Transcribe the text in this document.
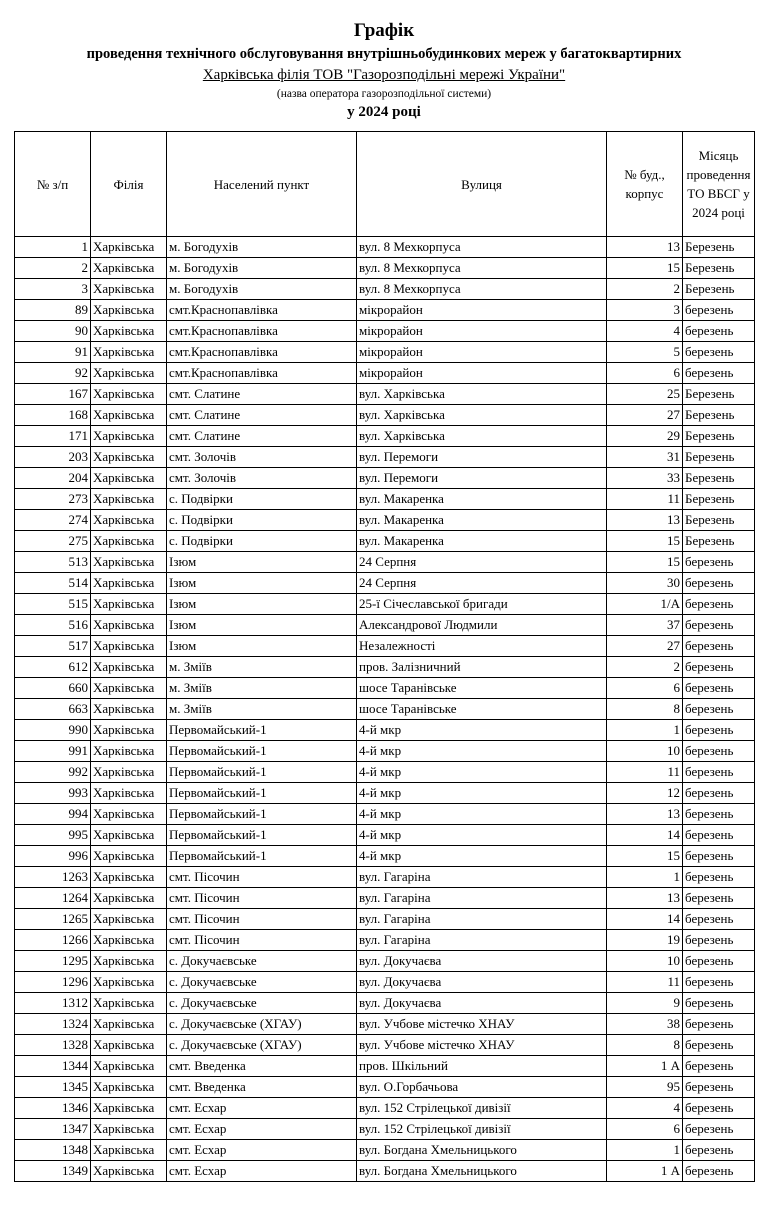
Графік
проведення технічного обслуговування внутрішньобудинкових мереж у багатоквартирних
Харківська філія ТОВ "Газорозподільні мережі України"
(назва оператора газорозподільної системи)
у 2024 році
№ з/п	Філія	Населений пункт	Вулиця	№ буд., корпус	Місяць проведення ТО ВБСГ у 2024 році
1	Харківська	м. Богодухів	вул. 8 Мехкорпуса	13	Березень
2	Харківська	м. Богодухів	вул. 8 Мехкорпуса	15	Березень
3	Харківська	м. Богодухів	вул. 8 Мехкорпуса	2	Березень
89	Харківська	смт.Краснопавлівка	мікрорайон	3	березень
90	Харківська	смт.Краснопавлівка	мікрорайон	4	березень
91	Харківська	смт.Краснопавлівка	мікрорайон	5	березень
92	Харківська	смт.Краснопавлівка	мікрорайон	6	березень
167	Харківська	смт. Слатине	вул. Харківська	25	Березень
168	Харківська	смт. Слатине	вул. Харківська	27	Березень
171	Харківська	смт. Слатине	вул. Харківська	29	Березень
203	Харківська	смт. Золочів	вул. Перемоги	31	Березень
204	Харківська	смт. Золочів	вул. Перемоги	33	Березень
273	Харківська	с. Подвірки	вул. Макаренка	11	Березень
274	Харківська	с. Подвірки	вул. Макаренка	13	Березень
275	Харківська	с. Подвірки	вул. Макаренка	15	Березень
513	Харківська	Ізюм	24 Серпня	15	березень
514	Харківська	Ізюм	24 Серпня	30	березень
515	Харківська	Ізюм	25-ї Січеславської бригади	1/А	березень
516	Харківська	Ізюм	Александрової Людмили	37	березень
517	Харківська	Ізюм	Незалежності	27	березень
612	Харківська	м. Зміїв	пров. Залізничний	2	березень
660	Харківська	м. Зміїв	шосе Таранівське	6	березень
663	Харківська	м. Зміїв	шосе Таранівське	8	березень
990	Харківська	Первомайський-1	4-й мкр	1	березень
991	Харківська	Первомайський-1	4-й мкр	10	березень
992	Харківська	Первомайський-1	4-й мкр	11	березень
993	Харківська	Первомайський-1	4-й мкр	12	березень
994	Харківська	Первомайський-1	4-й мкр	13	березень
995	Харківська	Первомайський-1	4-й мкр	14	березень
996	Харківська	Первомайський-1	4-й мкр	15	березень
1263	Харківська	смт. Пісочин	вул. Гагаріна	1	березень
1264	Харківська	смт. Пісочин	вул. Гагаріна	13	березень
1265	Харківська	смт. Пісочин	вул. Гагаріна	14	березень
1266	Харківська	смт. Пісочин	вул. Гагаріна	19	березень
1295	Харківська	с. Докучаєвське	вул. Докучаєва	10	березень
1296	Харківська	с. Докучаєвське	вул. Докучаєва	11	березень
1312	Харківська	с. Докучаєвське	вул. Докучаєва	9	березень
1324	Харківська	с. Докучаєвське (ХГАУ)	вул. Учбове містечко ХНАУ	38	березень
1328	Харківська	с. Докучаєвське (ХГАУ)	вул. Учбове містечко ХНАУ	8	березень
1344	Харківська	смт. Введенка	пров. Шкільний	1 А	березень
1345	Харківська	смт. Введенка	вул. О.Горбачьова	95	березень
1346	Харківська	смт. Есхар	вул. 152 Стрілецької дивізії	4	березень
1347	Харківська	смт. Есхар	вул. 152 Стрілецької дивізії	6	березень
1348	Харківська	смт. Есхар	вул. Богдана Хмельницького	1	березень
1349	Харківська	смт. Есхар	вул. Богдана Хмельницького	1 А	березень
